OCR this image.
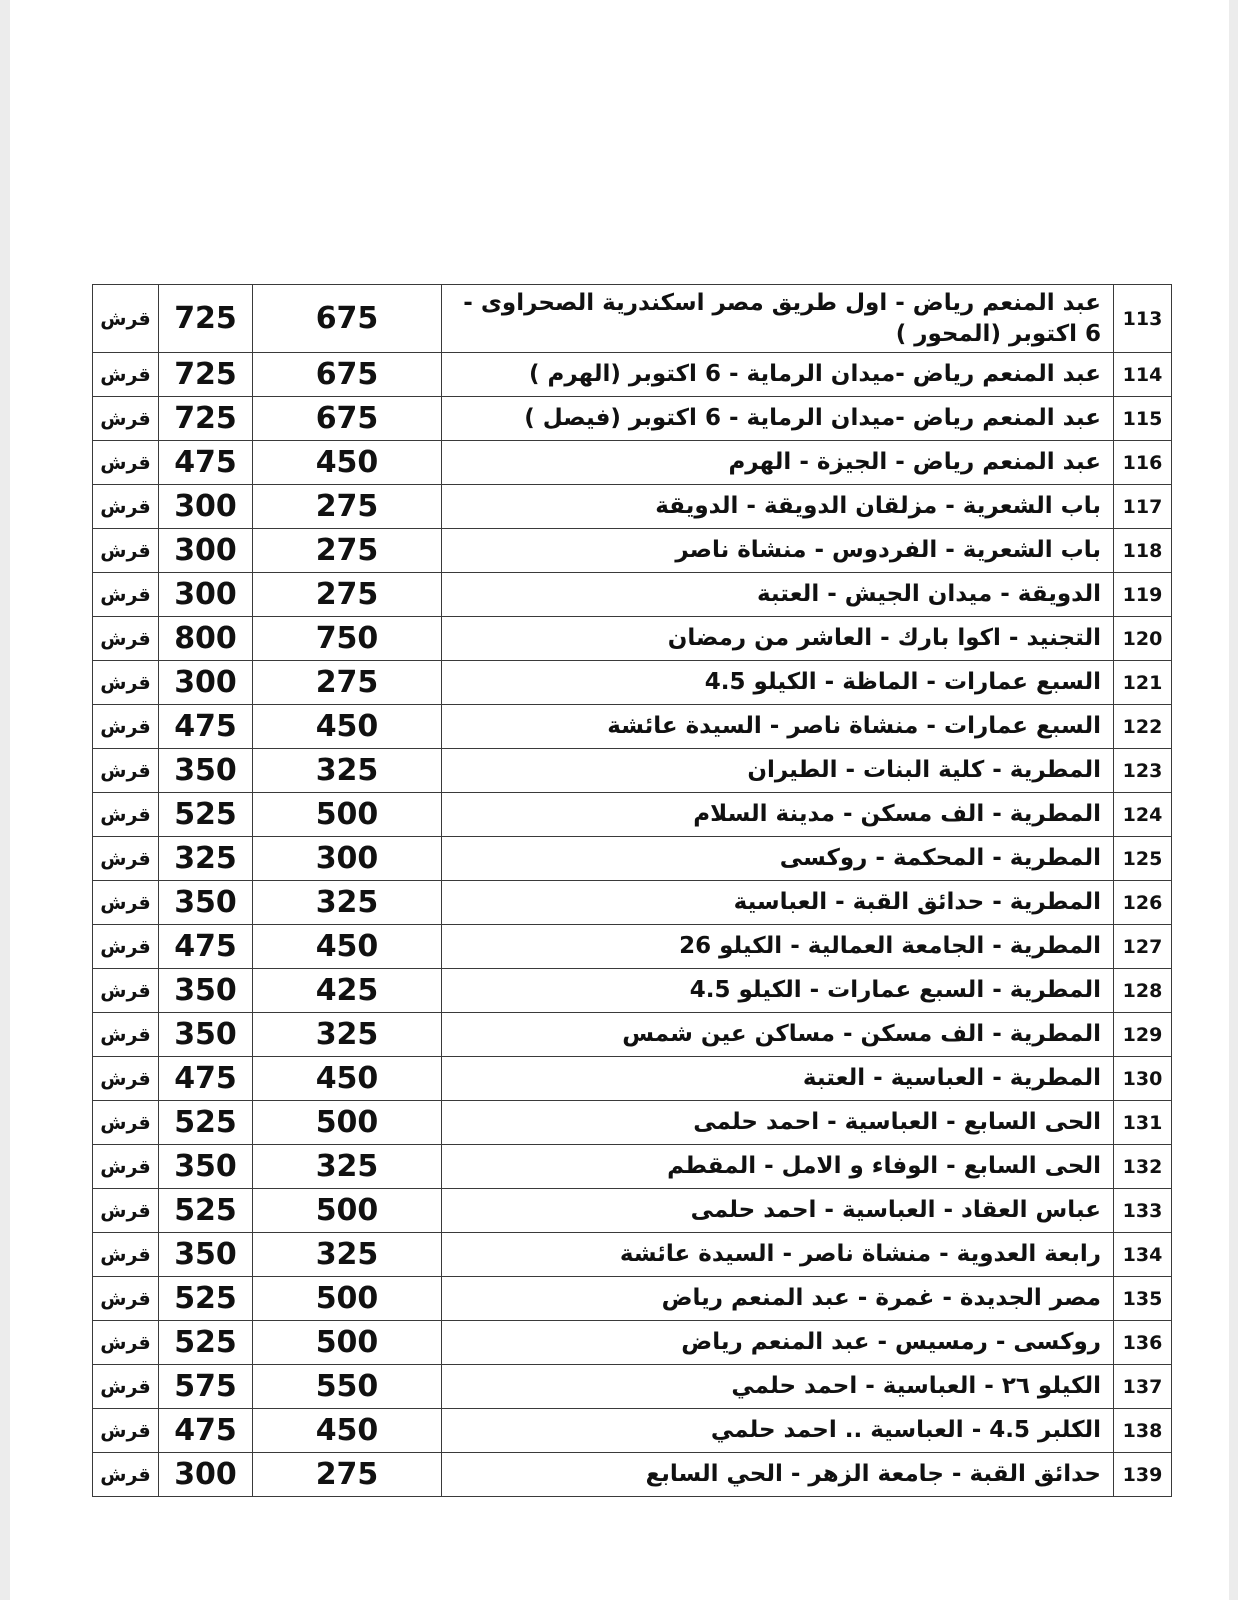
113	عبد المنعم رياض - اول طريق مصر اسكندرية الصحراوى - 6 اكتوبر (المحور )	675	725	قرش
114	عبد المنعم رياض -ميدان الرماية - 6 اكتوبر (الهرم )	675	725	قرش
115	عبد المنعم رياض -ميدان الرماية - 6 اكتوبر (فيصل )	675	725	قرش
116	عبد المنعم رياض - الجيزة - الهرم	450	475	قرش
117	باب الشعرية - مزلقان الدويقة - الدويقة	275	300	قرش
118	باب الشعرية - الفردوس - منشاة ناصر	275	300	قرش
119	الدويقة - ميدان الجيش - العتبة	275	300	قرش
120	التجنيد - اكوا بارك - العاشر من رمضان	750	800	قرش
121	السبع عمارات - الماظة - الكيلو 4.5	275	300	قرش
122	السبع عمارات - منشاة ناصر - السيدة عائشة	450	475	قرش
123	المطرية - كلية البنات - الطيران	325	350	قرش
124	المطرية - الف مسكن - مدينة السلام	500	525	قرش
125	المطرية - المحكمة - روكسى	300	325	قرش
126	المطرية - حدائق القبة - العباسية	325	350	قرش
127	المطرية - الجامعة العمالية - الكيلو 26	450	475	قرش
128	المطرية - السبع عمارات - الكيلو 4.5	425	350	قرش
129	المطرية - الف مسكن - مساكن عين شمس	325	350	قرش
130	المطرية - العباسية - العتبة	450	475	قرش
131	الحى السابع - العباسية - احمد حلمى	500	525	قرش
132	الحى السابع - الوفاء و الامل - المقطم	325	350	قرش
133	عباس العقاد - العباسية - احمد حلمى	500	525	قرش
134	رابعة العدوية - منشاة ناصر - السيدة عائشة	325	350	قرش
135	مصر الجديدة - غمرة - عبد المنعم رياض	500	525	قرش
136	روكسى - رمسيس - عبد المنعم رياض	500	525	قرش
137	الكيلو ٢٦ - العباسية - احمد حلمي	550	575	قرش
138	الكلبر 4.5 - العباسية .. احمد حلمي	450	475	قرش
139	حدائق القبة - جامعة الزهر - الحي السابع	275	300	قرش
